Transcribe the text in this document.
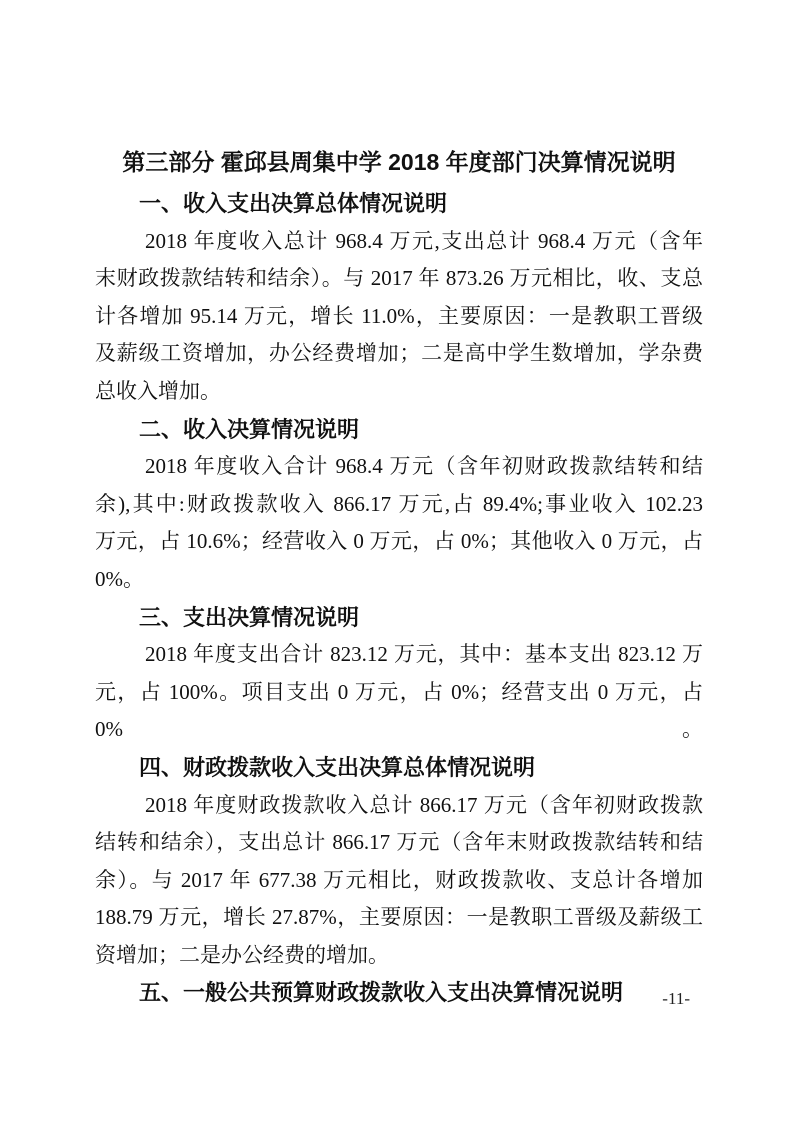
第三部分 霍邱县周集中学 2018 年度部门决算情况说明
一、收入支出决算总体情况说明
2018 年度收入总计 968.4 万元,支出总计 968.4 万元（含年
末财政拨款结转和结余）。与 2017 年 873.26 万元相比，收、支总
计各增加 95.14 万元，增长 11.0%，主要原因：一是教职工晋级
及薪级工资增加，办公经费增加；二是高中学生数增加，学杂费
总收入增加。
二、收入决算情况说明
2018 年度收入合计 968.4 万元（含年初财政拨款结转和结
余),其中:财政拨款收入 866.17 万元,占 89.4%;事业收入 102.23
万元，占 10.6%；经营收入 0 万元，占 0%；其他收入 0 万元，占
0%。
三、支出决算情况说明
2018 年度支出合计 823.12 万元，其中：基本支出 823.12 万
元，占 100%。项目支出 0 万元，占 0%；经营支出 0 万元，占 0%。
四、财政拨款收入支出决算总体情况说明
2018 年度财政拨款收入总计 866.17 万元（含年初财政拨款
结转和结余），支出总计 866.17 万元（含年末财政拨款结转和结
余）。与 2017 年 677.38 万元相比，财政拨款收、支总计各增加
188.79 万元，增长 27.87%，主要原因：一是教职工晋级及薪级工
资增加；二是办公经费的增加。
五、一般公共预算财政拨款收入支出决算情况说明	-11-
